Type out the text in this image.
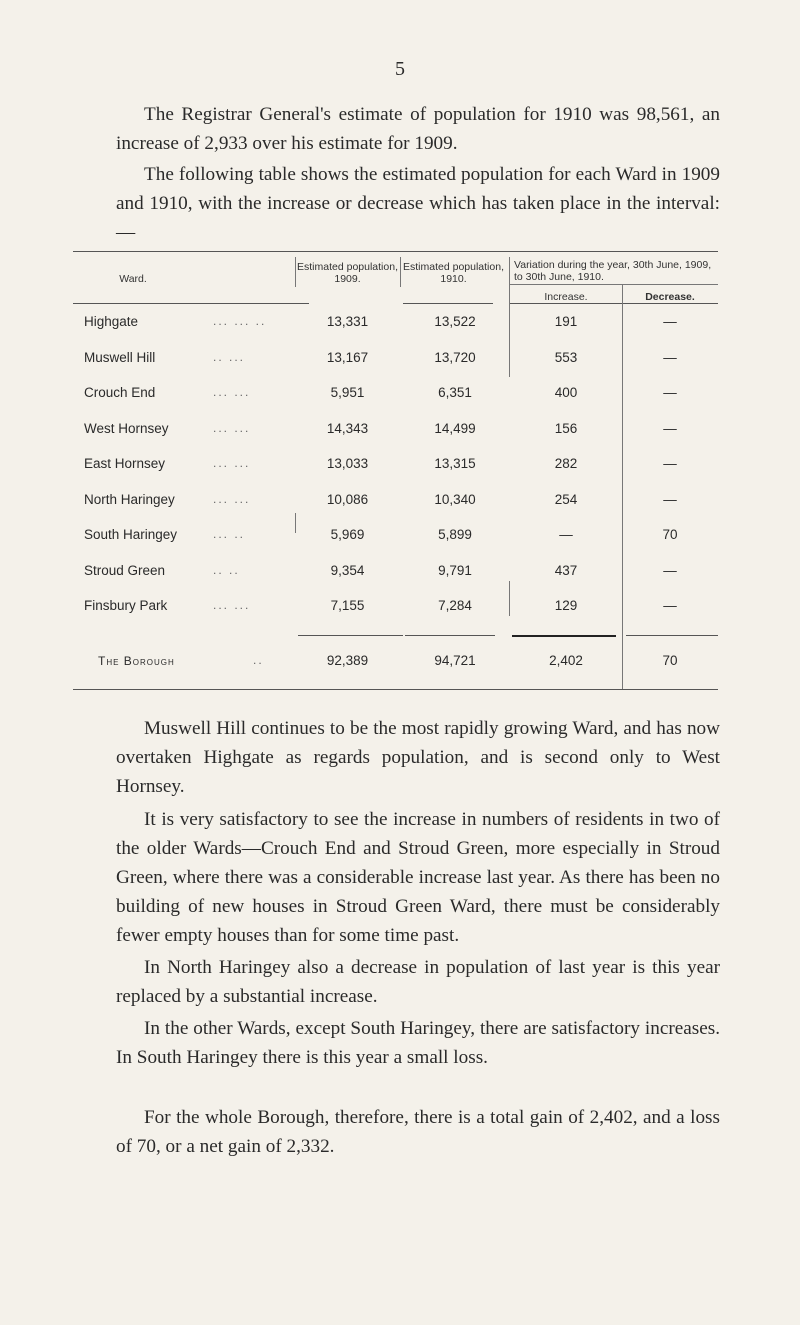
5

The Registrar General's estimate of population for 1910 was 98,561, an increase of 2,933 over his estimate for 1909.

The following table shows the estimated population for each Ward in 1909 and 1910, with the increase or decrease which has taken place in the interval: —

Ward.
Estimated population, 1909.
Estimated population, 1910.
Variation during the year, 30th June, 1909, to 30th June, 1910.
Increase.	Decrease.
Highgate	... ... ..	13,331	13,522	191	—
Muswell Hill	.. ...	13,167	13,720	553	—
Crouch End	... ...	5,951	6,351	400	—
West Hornsey	... ...	14,343	14,499	156	—
East Hornsey	... ...	13,033	13,315	282	—
North Haringey	... ...	10,086	10,340	254	—
South Haringey	... ..	5,969	5,899	—	70
Stroud Green	.. ..	9,354	9,791	437	—
Finsbury Park	... ...	7,155	7,284	129	—
The Borough	..	92,389	94,721	2,402	70

Muswell Hill continues to be the most rapidly growing Ward, and has now overtaken Highgate as regards population, and is second only to West Hornsey.

It is very satisfactory to see the increase in numbers of residents in two of the older Wards—Crouch End and Stroud Green, more especially in Stroud Green, where there was a considerable increase last year. As there has been no building of new houses in Stroud Green Ward, there must be considerably fewer empty houses than for some time past.

In North Haringey also a decrease in population of last year is this year replaced by a substantial increase.

In the other Wards, except South Haringey, there are satisfactory increases. In South Haringey there is this year a small loss.

For the whole Borough, therefore, there is a total gain of 2,402, and a loss of 70, or a net gain of 2,332.
